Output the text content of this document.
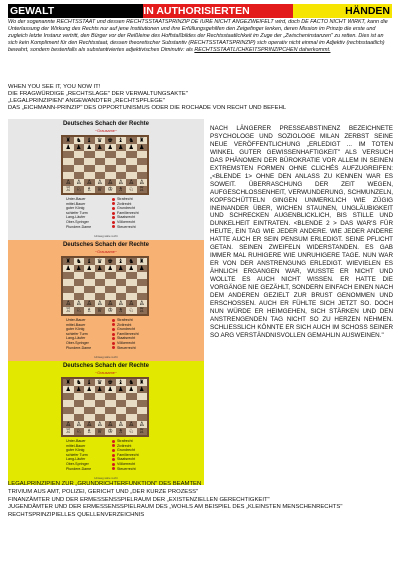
GEWALT	IN AUTHORISIERTEN	HÄNDEN
Wo der sogenannte RECHTSSTAAT und dessen RECHTSSTAATSPRINZIP DE IURE NICHT ANGEZWEIFELT wird, doch DE FACTO NICHT WIRKT, kann die Unterlassung der Wirkung des Rechts nur auf jene Institutionen und ihre Erfüllungsgehilfen den Zeigefinger lenken, deren Mission im Prinzip die erste und zugleich letzte Instanz vertritt, den Bürger vor der Reißleine des Hoffstaßbildes der Rechtsstaatlichkeit im Zuge der „Zwischeninstanzen" zu retten. Dies ist an sich kein Kompliment für den Rechtsstaat, dessen theoretischer Substantiv (RECHTSSTAATSPRINZIP) sich operativ nicht einmal im Adjektiv (rechtsstaatlich) bewahrt, sondern bestenfalls als substantiviertes adjektivisches Diminutiv: als RECHTSSTAATLICHKEITSPRINZIPCHEN daherkommt.
WHEN YOU SEE IT, YOU NOW IT!
DIE FRAGWÜRDIGE „RECHTSLAGE" DER VERWALTUNGSAKTE"
„LEGALPRINZIPIEN" ANGEWANDTER „RECHTSPFLEGE"
DAS „EICHMANN-PRINZIP" DES OPPORTUNISMUS ODER DIE ROCHADE VON RECHT UND BEFEHL
Deutsches Schach der Rechte
~Grausame~
♜ ♞ ♝ ♛ ♚ ♝ ♞ ♜
♟ ♟ ♟ ♟ ♟ ♟ ♟ ♟
♙ ♙ ♙ ♙ ♙ ♙ ♙ ♙
♖ ♘ ♗ ♕ ♔ ♗ ♘ ♖
Unter-Bauer	Strafrecht
mittel-Bauer	Zivilrecht
guter König	Grundrecht
schiefer Turm	Familienrecht
Lang-Läufer	Staatsrecht
Ober-Springer	Völkerrecht
Plundere-Dame	Steuerrecht
Hinweg wäre recht
Deutsches Schach der Rechte
~Grausame~
♜ ♞ ♝ ♛ ♚ ♝ ♞ ♜
♟ ♟ ♟ ♟ ♟ ♟ ♟ ♟
♙ ♙ ♙ ♙ ♙ ♙ ♙ ♙
♖ ♘ ♗ ♕ ♔ ♗ ♘ ♖
Unter-Bauer	Strafrecht
mittel-Bauer	Zivilrecht
guter König	Grundrecht
schiefer Turm	Familienrecht
Lang-Läufer	Staatsrecht
Ober-Springer	Völkerrecht
Plundere-Dame	Steuerrecht
Hinweg wäre recht
Deutsches Schach der Rechte
~Grausame~
♜ ♞ ♝ ♛ ♚ ♝ ♞ ♜
♟ ♟ ♟ ♟ ♟ ♟ ♟ ♟
♙ ♙ ♙ ♙ ♙ ♙ ♙ ♙
♖ ♘ ♗ ♕ ♔ ♗ ♘ ♖
Unter-Bauer	Strafrecht
mittel-Bauer	Zivilrecht
guter König	Grundrecht
schiefer Turm	Familienrecht
Lang-Läufer	Staatsrecht
Ober-Springer	Völkerrecht
Plundere-Dame	Steuerrecht
Hinweg wäre recht

NACH LÄNGERER PRESSEABSTINENZ BEZEICHNETE PSYCHOLOGE UND SOZIOLOGE MILAN ZERBST SEINE NEUE VERÖFFENTLICHUNG „ERLEDIGT ... IM TOTEN WINKEL GUTER GEWISSENHAFTIGKEIT" ALS VERSUCH DAS PHÄNOMEN DER BÜROKRATIE VOR ALLEM IN SEINEN EXTREMSTEN FORMEN OHNE CLICHÉS AUFZUGREIFEN: „<BLENDE 1> OHNE DEN ANLASS ZU KENNEN WAR ES SOWEIT. ÜBERRASCHUNG DER ZEIT WEGEN, AUFGESCHLOSSENHEIT, VERWUNDERUNG, SCHMUNZELN, KOPFSCHÜTTELN GINGEN UNMERKLICH WIE ZÜGIG INEINANDER ÜBER, WICHEN STAUNEN, UNGLÄUBIGKEIT UND SCHRECKEN AUGENBLICKLICH, BIS STILLE UND DUNKELHEIT EINTRATEN. <BLENDE 2 > DAS WAR'S FÜR HEUTE, EIN TAG WIE JEDER ANDERE. WIE JEDER ANDERE HATTE AUCH ER SEIN PENSUM ERLEDIGT. SEINE PFLICHT GETAN. SEINEN ZWEIFELN WIDERSTANDEN. ES GAB IMMER MAL RUHIGERE WIE UNRUHIGERE TAGE. NUN WAR ER VON DER ANSTRENGUNG ERLEDIGT. WIEVIELEN ES ÄHNLICH ERGANGEN WAR, WUSSTE ER NICHT UND WOLLTE ES AUCH NICHT WISSEN. ER HATTE DIE VORGÄNGE NIE GEZÄHLT, SONDERN EINFACH EINEN NACH DEM ANDEREN GEZIELT ZUR BRUST GENOMMEN UND ERSCHOSSEN. AUCH ER FÜHLTE SICH JETZT SO. DOCH NUN WÜRDE ER HEIMGEHEN, SICH STÄRKEN UND DEN ANSTRENGENDEN TAG NICHT SO ZU HERZEN NEHMEN. SCHLIESSLICH KÖNNTE ER SICH AUCH IM SCHOSS SEINER SO ARG VERSTÄNDNISVOLLEN GEMAHLIN AUSWEINEN."

LEGALPRINZIPIEN ZUR „GRUNDRICHTERFUNKTION" DES BEAMTEN
TRIVIUM AUS AMT, POLIZEI, GERICHT UND „DER KURZE PROZESS"
FINANZÄMTER UND DER ERMESSENSSPIELRAUM DER „EXISTENZIELLEN GERECHTIGKEIT"
JUGENDÄMTER UND DER ERMESSENSSPIELRAUM DES „WOHLS AM BEISPIEL DES „KLEINSTEN MENSCHENRECHTS"
RECHTSPRINZIPIELLES QUELLENVERZEICHNIS
